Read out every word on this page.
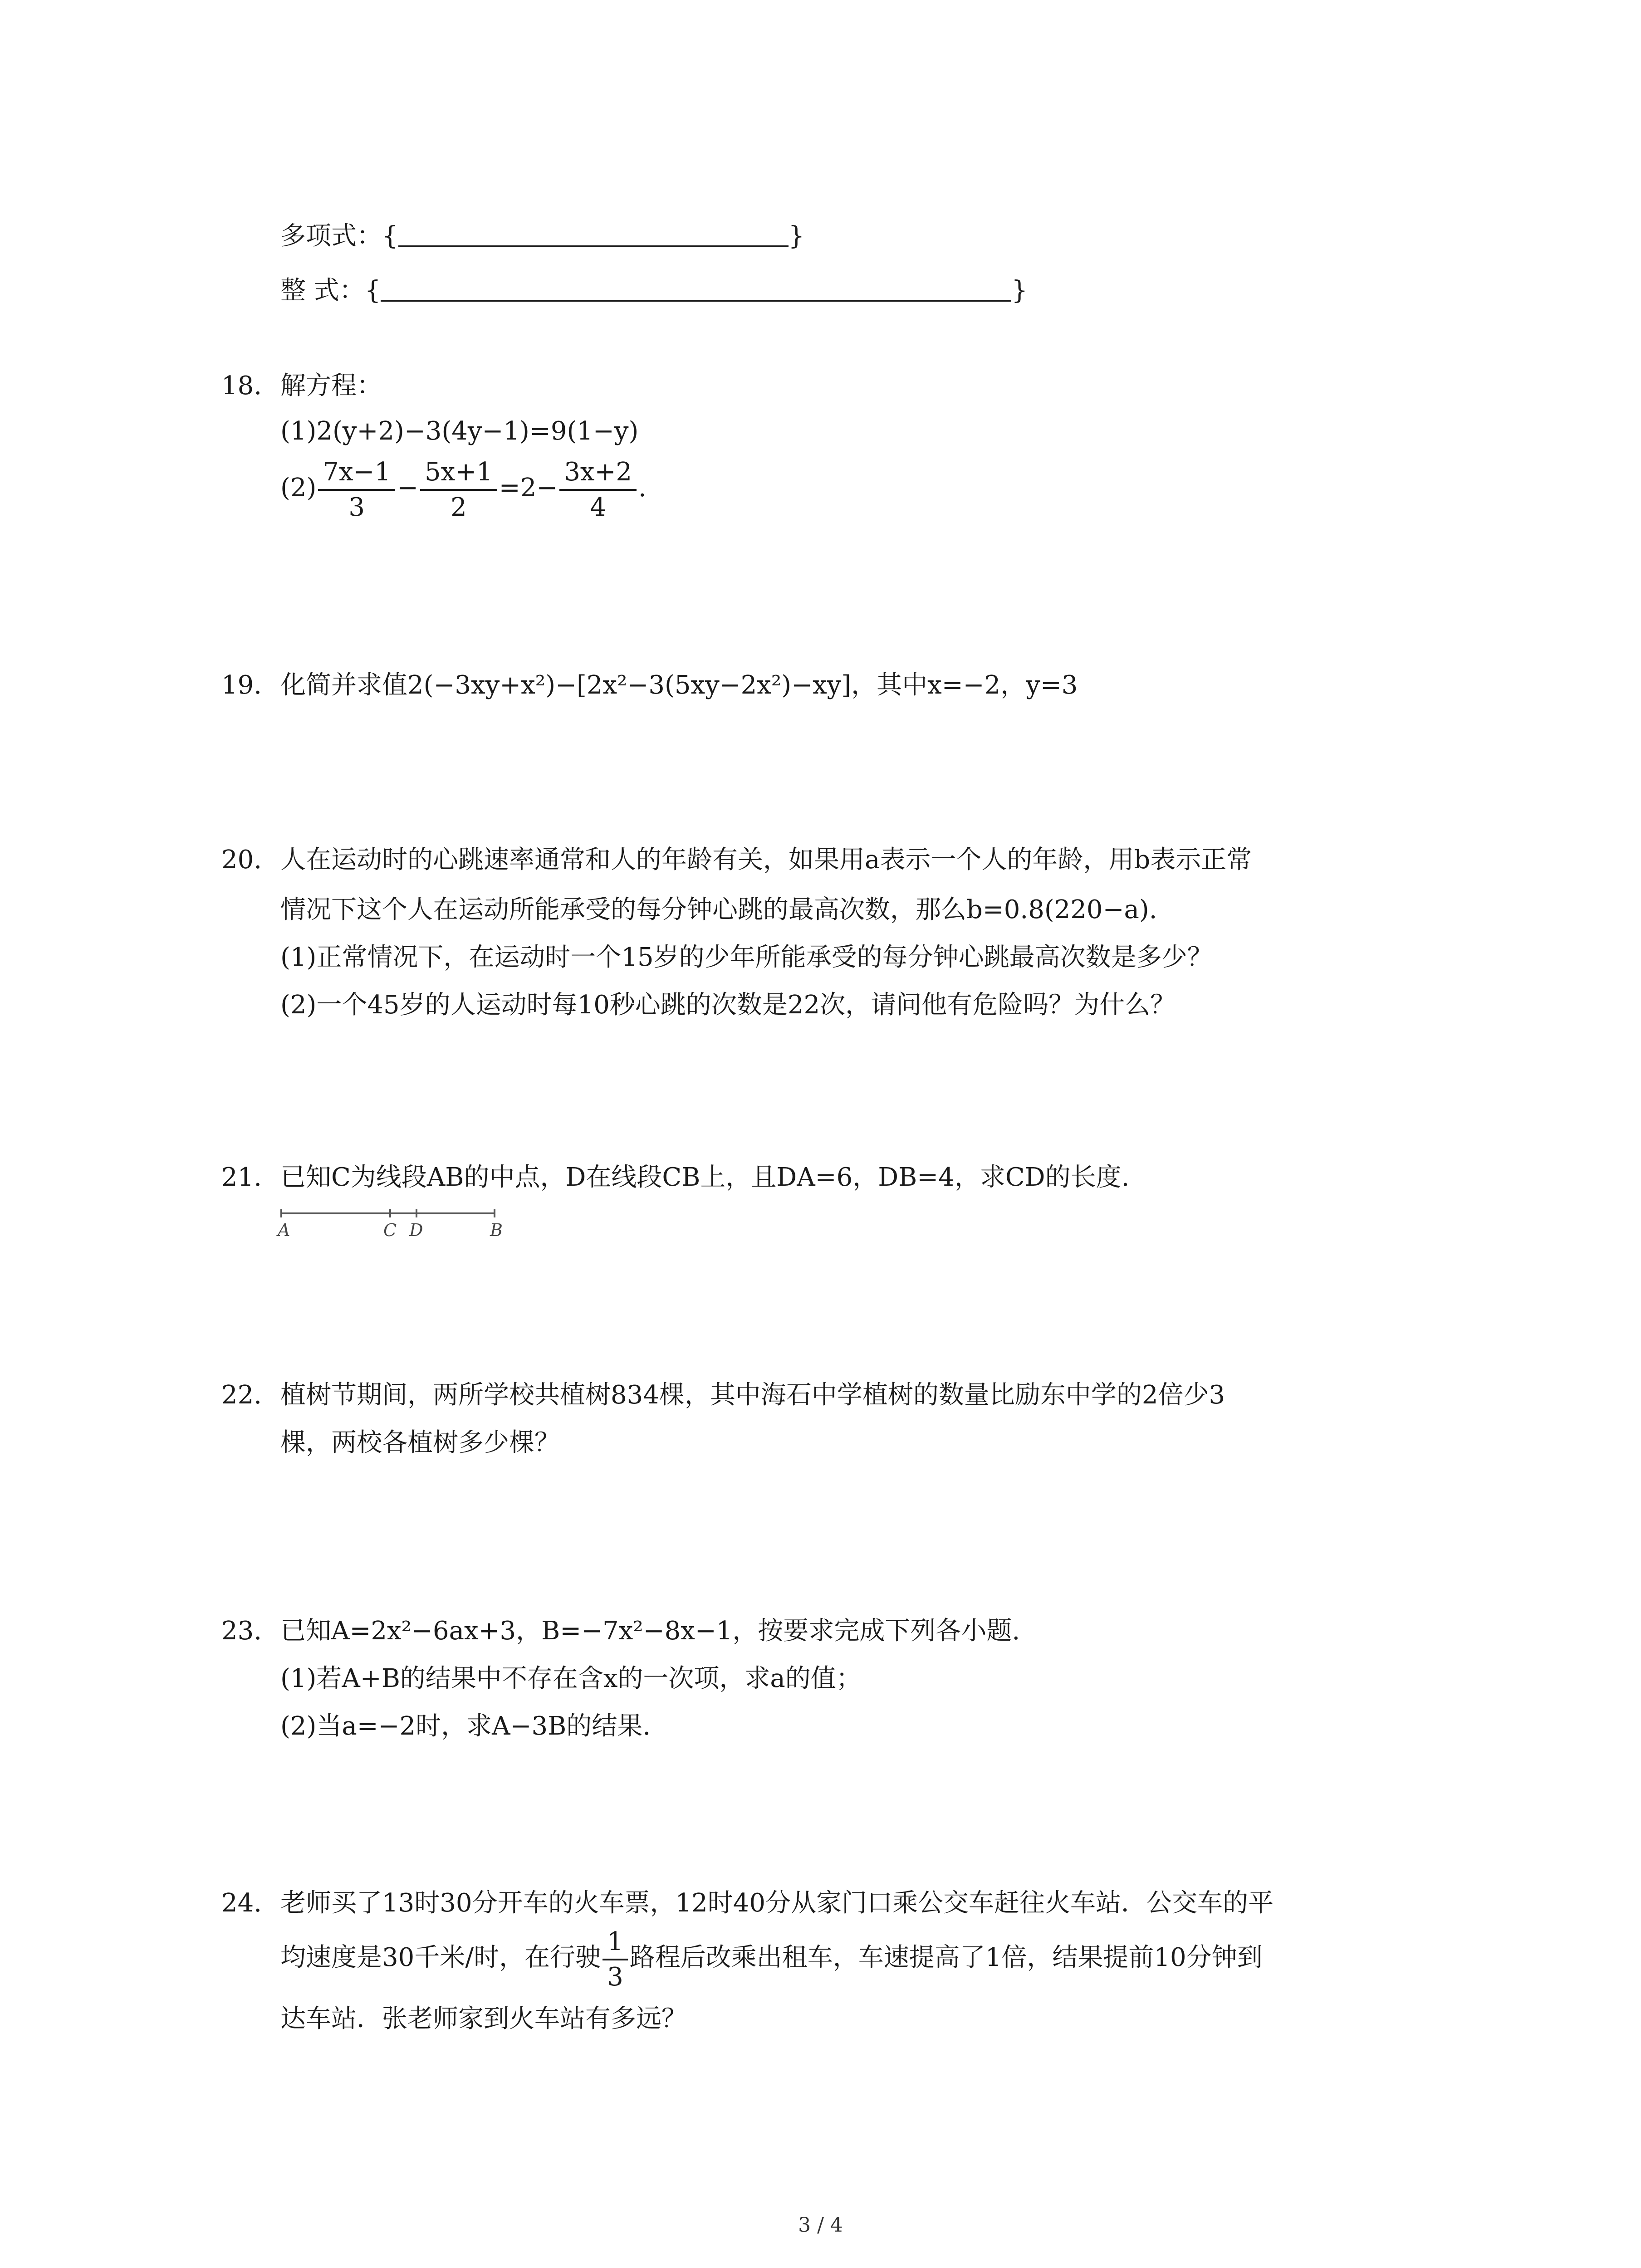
多项式：{	}
整 式：{	}
18. 解方程：
(1)2(y+2)−3(4y−1)=9(1−y)
$(2) \frac{7x-1}{3} - \frac{5x+1}{2} =2- \frac{3x+2}{4}$ .
19. 化简并求值2(−3xy+x²)−[2x²−3(5xy−2x²)−xy]，其中x=−2，y=3
20. 人在运动时的心跳速率通常和人的年龄有关，如果用a表示一个人的年龄，用b表示正常
情况下这个人在运动所能承受的每分钟心跳的最高次数，那么b=0.8(220−a).
(1)正常情况下，在运动时一个15岁的少年所能承受的每分钟心跳最高次数是多少？
(2)一个45岁的人运动时每10秒心跳的次数是22次，请问他有危险吗？为什么？
21. 已知C为线段AB的中点，D在线段CB上，且DA=6，DB=4，求CD的长度.
A	C D	B
22. 植树节期间，两所学校共植树834棵，其中海石中学植树的数量比励东中学的2倍少3
棵，两校各植树多少棵？
23. 已知A=2x²−6ax+3，B=−7x²−8x−1，按要求完成下列各小题.
(1)若A+B的结果中不存在含x的一次项，求a的值；
(2)当a=−2时，求A−3B的结果.
24. 老师买了13时30分开车的火车票，12时40分从家门口乘公交车赶往火车站．公交车的平
均速度是30千米/时，在行驶 $\frac{1}{3}$ 路程后改乘出租车，车速提高了1倍，结果提前10分钟到
达车站．张老师家到火车站有多远？
3 / 4
